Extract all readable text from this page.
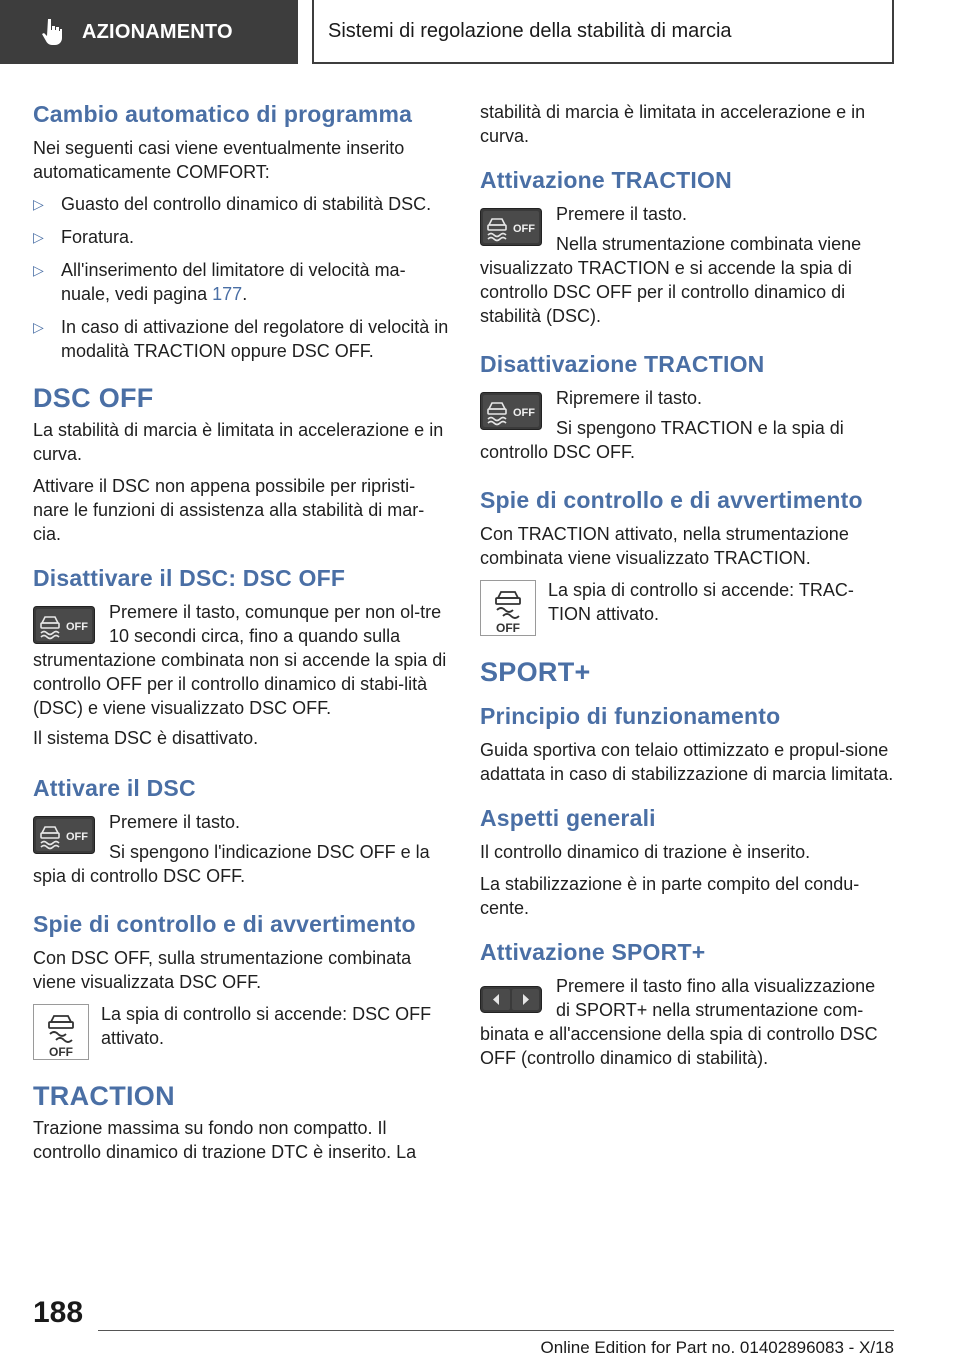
AZIONAMENTO	Sistemi di regolazione della stabilità di marcia
Cambio automatico di programma

Nei seguenti casi viene eventualmente inserito automaticamente COMFORT:

▷ Guasto del controllo dinamico di stabilità DSC.
▷ Foratura.
▷ All'inserimento del limitatore di velocità ma-nuale, vedi pagina 177.
▷ In caso di attivazione del regolatore di velocità in modalità TRACTION oppure DSC OFF.
DSC OFF

La stabilità di marcia è limitata in accelerazione e in curva.

Attivare il DSC non appena possibile per ripristi-nare le funzioni di assistenza alla stabilità di mar-cia.

Disattivare il DSC: DSC OFF
OFF

Premere il tasto, comunque per non ol-tre 10 secondi circa, fino a quando sulla strumentazione combinata non si accende la spia di controllo OFF per il controllo dinamico di stabi-lità (DSC) e viene visualizzato DSC OFF.

Il sistema DSC è disattivato.

Attivare il DSC
OFF

Premere il tasto.

Si spengono l'indicazione DSC OFF e la spia di controllo DSC OFF.

Spie di controllo e di avvertimento

Con DSC OFF, sulla strumentazione combinata viene visualizzata DSC OFF.

OFF

La spia di controllo si accende: DSC OFF attivato.

TRACTION

Trazione massima su fondo non compatto. Il controllo dinamico di trazione DTC è inserito. La

stabilità di marcia è limitata in accelerazione e in curva.

Attivazione TRACTION
OFF

Premere il tasto.

Nella strumentazione combinata viene visualizzato TRACTION e si accende la spia di controllo DSC OFF per il controllo dinamico di stabilità (DSC).

Disattivazione TRACTION
OFF

Ripremere il tasto.

Si spengono TRACTION e la spia di controllo DSC OFF.

Spie di controllo e di avvertimento

Con TRACTION attivato, nella strumentazione combinata viene visualizzato TRACTION.

OFF

La spia di controllo si accende: TRAC-TION attivato.

SPORT+
Principio di funzionamento

Guida sportiva con telaio ottimizzato e propul-sione adattata in caso di stabilizzazione di marcia limitata.

Aspetti generali

Il controllo dinamico di trazione è inserito.

La stabilizzazione è in parte compito del condu-cente.

Attivazione SPORT+

Premere il tasto fino alla visualizzazione di SPORT+ nella strumentazione com-binata e all'accensione della spia di controllo DSC OFF (controllo dinamico di stabilità).

188
Online Edition for Part no. 01402896083 - X/18
